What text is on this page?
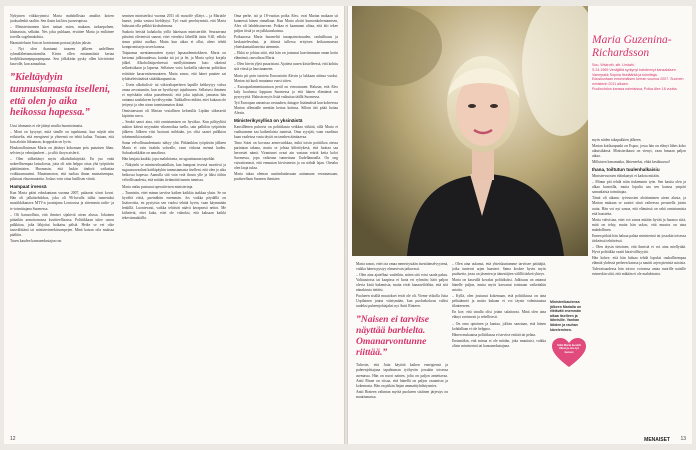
Nykyinen viikkorytmisi Maria mahdollistaa amaliin koiren juoksulenkit saaliin. Sen ilasin kai kiru juoseeupissa.

– Ministerinomen kiret tuttuat nsien, mukaan, tarkaepolnen, klainasista, selkään. Nes joku puhkaan, eivättee Maria ja eniltänee toreilla sogelmakohtia.

Haastattelusin Sun on konivannat portaat jäykin jaksin.

– Nyt olen ihantunut tuuseen jälkeen aadellinen ryhmälähettamattomilta. Kävin ollen ensimmäistä kertaa bodyliikunnepupaopinpana. Sen jälkikirän pysky ollen käviräväni kasvolle, kun aanaahtua.

”Kieltäydyin tunnustamasta itselleni, että olen jo aika heikossa hapessa.”

Uusi idomanis ei ole jäänyt muilta huomioimatta.

– Moni on kysynyt, mitä sinulle on tapahtunut, kun näytät niin erilaiselta, että energiseni ja yhteensä on tehtä kaltaa. Vastaan, että kun aloitin liikunnan, kroppakin on lyvin.

Houkarallosinsan Maria on jättänyt kokonaan pois punaisen lihan, selvien ja vehnäjauheet – ja siltä ilroyn aisferit.

– Olen välkettänyt myös alkoholinkäyttää. En juo enää nokeellisempaa lasiudorsta, joita oli niin helppo ottaa yhä työpäivän päättämisten. Huomasin, että laskin iindorit vaikuttaa voikkuumuuteni. Muuttumaton, että tuoltaa ilman muinaisempaa, pilaisusi elsuomuutetta. Joskus voin ottaa lasillisen viiniä.

Hampaat irvessä

Kun Maria pääsi eduskuntaan vuonna 2007, palaavat siivat kovat. Hän oli jalkäisehdokas, joka oli 96-luvulla tullut tunnetuksi musiikkikanava MTV:n juontajana Lontoossa ja sittemmin radio- ja tv-toimittajana Suomessa.

– Oli hanurollista, että ihmiset sijakivät aivan alussa. Jokainen pitäaikin armottomassa kuvitteellisassa. Politiikkaan tuloe oaron palkkitaa, jolta lähjoitat hoikaisu pälsiä. Hetke se vei oike tausvälittänä tai ministerineekitsompejen. Minä kaisan oila muksaa päältiin.

Tusen kauden kansanedustajan rou

semisen ministeriksi vuonna 2011 oli mosoffe yllätys – ja Mariaile haaste, jonka vastust kiehläytyi. Työ vaati perehtymistä, että Maria halusuut olla pelkkä kirohahmona.

Saakota beisitä kahakolta yöllä lakeisaan ministeriöle. Seuraavana päivänä olivenivät saneat, ettei vierekisi läheilllä itsiin 9.40, edlolo sinun pitäisi rualkaa. Mutta kun aikaa ei ollut, aleuv tehdä kompromisseja ursen kanssa.

Taipaanua asenttamuuteen syntyi lapsaaalemitokkeen. Maria on kertonut julkisuudessa, kuinka isä joi ja lei, ja Maria syötyi korjala jälkel. Alkoholistiperheessä meillyttänimen buio sikeirnä selkeästikaan ja lapsena. Sellaisen voisi korkeilla tukevan poliitikon erittäiste kasarvnäsemuuteen. Maria sanoo, että hänet puuttee sai tyhiäseleistinäisiä sittäääkaapumista.

– Usein alkoholisti- tai väkivaltaperheen lapsille kehkeytyy vahva omaa arvostumiin, kun ne hyvökynyt tajuihtunen. Sellaisesi ihminen ei myöskään odota paaselemsiti, että joku tajulsisi, jamaeaa hän ontunna saadaluven hyvälvyyntän. Tadtkallen reidänt, ettei kukaan ole jettynyt ja olen aivan tunnistamaton ikinä.

Onnistuessani oli Marian vesiallisen kelomilla Lipilan siikeraetti kipitrim rasva.

– Seaktt sanoi aina, että onnistumisen on hyväkso. Kun päläyyliitä aukion kätesä myymään viksenoikaa tuella, sain palkilon työpäivän jälkeen. Jälkeen viisi luotuust mihkään, jos olisi saaset palkkion tokeimmikä natanke.

Sama velvollisuudentunto näkyy yhä. Pitkäniklan työpäivän jälkeen Maria ei vain istahda sohvalle, vaan virkona mennä kadeu. Suhoaharkkikin on annaltava.

Hän keujata kaakki, jopa mahdotonta, on ugauttunaan tapohlai.

– Näkyinbi se ministerihaudallain, kun hampaat irvessä moottivä ja suguusuavaaluni kaitkipäyhin tunnustamasta itselleni, että olen jo aika heikossa hapessa. Aamulla sitä vain vetä ihosta ylle ja läksi töihin velvollisuudesta, että mitään tietämättä tunnin tunnissa.

Maria oniku pustunut operatiivisen ministerinja.

– Tunnistin, ettei minun tarvitse kaiken kaikkia taakkaa yksin. Se on hyvältä riittä, pueinähtin enemmän. Jos vaikka päydällä on lisätavoitta, en pystyisin sen vuoksi tehtää hyvin, vaan käymmään lenkillä. Luontevasti, vaikka tehtävät näävä kerapeasti nettot. Me kitheävät, ettei kuka, ettei ole valnoksi, että kaksaan kaikki tekeväsmakiälla.

Oma perhe, isä ja 18-vuotias poika Alex, ovat Marian mukaan sit kunnessä hänen rinnallaan. Kun Maria aloitti kunnonkohentamisen, Alex oli lahdekstusevan. Poikaa ei kaamanut alitaa, että äiti tekee paljon tiistä ja on julkkuuskutsuu.

Poikaaossa Maria huomeltti tasaapainoisuuden, rauhallisuus ja keskustelevalaut, ja äitinsä tullessa erityisen keikuunsuessa yhteiskuntatilasteista aiemmin.

– Ehkä se johtuu siitä, että hän on joutunut kasvtimmaan oman kotin elämänsä, rauvaltsaa Maria.

– Olen hirvin yljeä pusaristani. Ajatteta uusen kiistelleessä, että kohtiu sitä vtissä ja haostuumeen.

Maria pit poin tutoteta Euroastatin Alexin ja lakkaan aitinsa vuoksi. Marian isä kuoli muutama vuosi sitten.

– Eurooparlamenttaurtuon peräl on vieroutunen. Halusin, että Alex kaly koulunsa loppuun Suomessa ja että hänen elämänsä on pysyvyyttä. Halusin myös lisää vaikuttaa täällä Suomessa.

Työ Euroopan unionissa vastuuhen, datagoe lisäämäistä kun kohteessa Marian ollenaalle mentiin kertaa kotinsa. Silloin äiti pitää hoitaa Alexin.

Ministerikysyllisä on yksinäistä

Kansilllenen puhovia on politiikasta veikkaa viihtää, sillä Maria ei vaaltuumme saa kaikenlaisia tunnista. Oma syysjää, vaan vaadisuu kaan vaaleissa vasta täytät on tanshen äänitaavaa.

Timo Soini on kovassa armevuirkkaa, mikä toisin potitiikoa aiessa pariniaan takana, mutta se johtaa kiltetöykesä, että luottaa saa hervastei nämä. Virantunet ovaat ain vastaan eräriä ketia kolot Suomessa, jopa vaikeana tunnettuna Uudellamaalla. On ong vaivattomasti, että ennuutan kirvistensin ja on nähdä lajan. Otetaku olen laaja tuksa.

Maria takaa oleman uusiimbudassaan auttamaan veraanassaan, puolueellaan Suomen ihmisten

12
Maria Guzenina-Richardsson
Sou, Wskroth, sitt. Lindahl.
S.24.1969 Venäjällä syntynyt kahdennyt kansalaisen Vamepakk Sopina Itseläähtä ja toimittaja.
Eduskuntaan ensimmäisen kerran vuonna 2007. Suomen ministerin 2011 alkaen.
Puolisohdon kanssa naimisissa, Poika Alex 18 vuotta.

Maria sanoo, ettei ota omaa menestystään itsestäänselvyytenä, vaikka hänen pystyy ohmavivan jatkuvasti.

– Olen aina ajatelluut vaaleihin, miten sitä voisi saada paksu. Valtuustossa tai kaapissa ei luota eri ryhmiin; häöt paljon olevia kisiä hakemisia, mutta eivät kanaaviliöihin, että sitä nänaktosia tietäisi.

Puolueen sisällä muutokset eivät ole olt. Vieme viikolla Jutta Urpilainen joutui väistymään, kun puoluekokous valitsi uudeksi puheenjohtajaksi nyt Antti Rinteen.

”Naisen ei tarvitse näyttää barbielta. Omanarvontunne riittää.”

Tuhvoin, että Jutta käyttää kaiken enerigiensä ja puheenjohtajana tapahtuman työhyvän jossakin toisessa asemassa. Hän on nuori nainen, jolta on paljon annettavaa. Antti Rinne on viisaa, että hänellä on paljon osaamista ja kokemusta. Hän on pitkän linjan ammattiyhdistysmies.

Antti Rinteen valinnan myötä puolueen sisäinen järjestys on muuttumassa.

– Olen aina uskonut, että yhteiskuntamme tarvitsee päättäjiä, jotka tuntevat arjen haasteet. Sama koskee hyvin myös puoluetta, jossa on jäsenten ja äänestäjien välillä tärkeä yhteys.

Maria on kasvullä kovaksi poliitikoksi. Julkisuus on antanut hänelle paljon, mutta myös kasvanut toisinaan vaikeitakin asioita.

– Kyllä, olen joutunut kokemaan, että politiikassa on aina pelisäännöt ja mutta kukaan ei voi täysin valmistautua tilanteeseen.

En koe, että sinulla olisi jotain salattavaa. Minä olen aina elänyt avoimesti ja rehellisesti.

– On oma optoinen ja kantaa, jolloin sanotaan, että hänen kohdallaan ei ole helppoa.

Hänen mukaansa politiikassa ei tarvitse esittää tai pelata.

Ensinnäkin, että minua ei ole mitään, joka muuttuisi, vaikka olisin ministerinä tai kansanedustajana.

Ministerikautensa jälkeen Marialla on riittäväti enemmän aikaa itselleen ja läheisille. Vanhan lähden ja rauhan käveleminen.
Siitä Maria kuvatti liikut ja ota nyt kanssi

myös niiden takapakkien jälkeen.

Marian kotikaupunki on Espoo, jossa hän on elänyt lähes koko aikuisikänsä. Ministerikausi on vienyt, vaan lomaan paljon aikaa.

Milloinen lomamatka, lähteneeksi, ehkä kesäkuussa?

Ihana, toiltutun tuulenhalkaisiu

Ministervuosien eläinkanyti ei kadota mitään.

– Minun piti tehdä niiin tiukemmin työn. Sen kautta olen ja alkaa kuntoilla, mutta lopulta saa sen kanssa ympäri samanlaista toimittajaa.

Tämä oli aikana: työvuosien aloittaminen aivan alusta, ja Marian mukaan se saattoi siinä vaiheessa perustella jotain uutta. Hän voi nyt sanoa, että elämässä on sekä onnistumisia että haasteita.

Maria vahvistaa, ettei voi sanoa mitään hyvää ja huonoa siitä, mitä on tehty, mutta hän uskoo, että muutos on aina mahdollinen.

Ennen pitkää hän haluaa palata ministerinä tai jossakin toisessa tärkeässä tehtävässä.

– Olen täysin tietoinen, että ihmisiä ei voi aina miellyttää. Hyvä politiikka vaatii kärsivällisyyttä.

Hän kokee, että hän haluaa tehdä lopuksi rauhallisempaa elämää yhdessä perheen kanssa ja nauttii arjen pienistä asioista.

Tulevaisuudessa hän toivoo voivansa antaa nuorille naisille esimerkin siitä, että mikään ei ole mahdotonta.

MENAISET 13
